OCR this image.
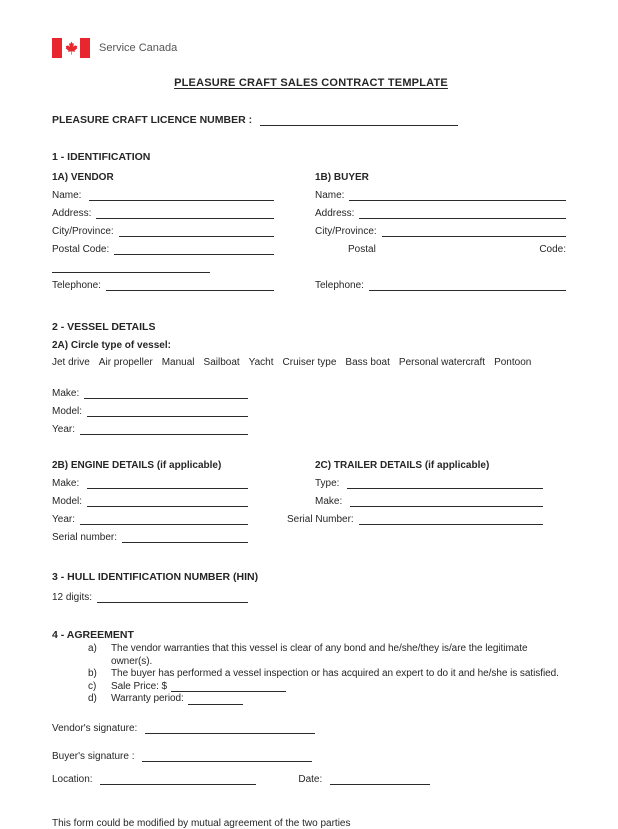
Service Canada
PLEASURE CRAFT SALES CONTRACT TEMPLATE
PLEASURE CRAFT LICENCE NUMBER :
1 - IDENTIFICATION
1A) VENDOR
Name:
Address:
City/Province:
Postal Code:
Telephone:
1B) BUYER
Name:
Address:
City/Province:
Postal	Code:
Telephone:
2 - VESSEL DETAILS
2A) Circle type of vessel:
Jet drive Air propeller Manual Sailboat Yacht Cruiser type Bass boat Personal watercraft Pontoon
Make:
Model:
Year:
2B) ENGINE DETAILS (if applicable)
Make:
Model:
Year:
Serial number:
2C) TRAILER DETAILS (if applicable)
Type:
Make:
Serial Number:
3 - HULL IDENTIFICATION NUMBER (HIN)
12 digits:
4 - AGREEMENT
a)	The vendor warranties that this vessel is clear of any bond and he/she/they is/are the legitimate owner(s).
b)	The buyer has performed a vessel inspection or has acquired an expert to do it and he/she is satisfied.
c)	Sale Price: $
d)	Warranty period:
Vendor's signature:
Buyer's signature :
Location:	Date:
This form could be modified by mutual agreement of the two parties
